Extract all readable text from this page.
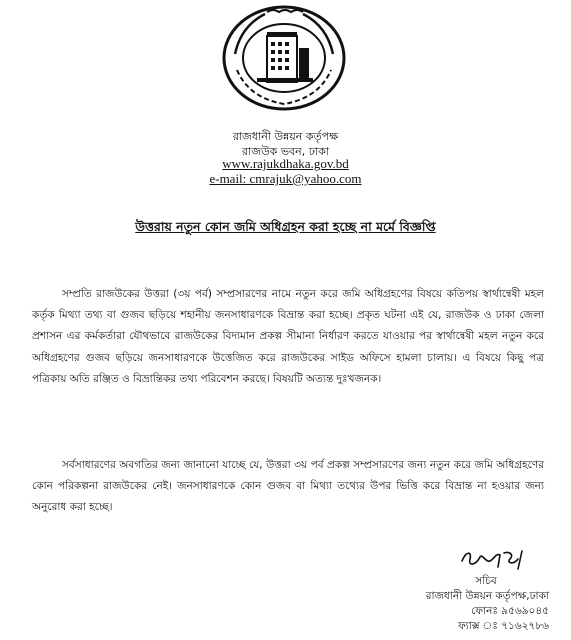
রাজধানী উন্নয়ন কর্তৃপক্ষ
রাজউক ভবন, ঢাকা
www.rajukdhaka.gov.bd
e-mail: cmrajuk@yahoo.com
উত্তরায় নতুন কোন জমি অধিগ্রহন করা হচ্ছে না মর্মে বিজ্ঞপ্তি

সম্প্রতি রাজউকের উত্তরা (৩য় পর্ব) সম্প্রসারণের নামে নতুন করে জমি অধিগ্রহণের বিষয়ে কতিপয় স্বার্থান্বেষী মহল কর্তৃক মিথ্যা তথ্য বা গুজব ছড়িয়ে শহানীয় জনসাধারণকে বিভ্রান্ত করা হচ্ছে। প্রকৃত ঘটনা এই যে, রাজউক ও ঢাকা জেলা প্রশাসন এর কর্মকর্তারা যৌথভাবে রাজউকের বিদ্যমান প্রকল্প সীমানা নির্ধারণ করতে যাওয়ার পর স্বার্থান্বেষী মহল নতুন করে অধিগ্রহণের গুজব ছড়িয়ে জনসাধারণকে উত্তেজিত করে রাজউকের সাইড অফিসে হামলা চালায়। এ বিষয়ে কিছু পত্র পত্রিকায় অতি রঞ্জিত ও বিভ্রান্তিকর তথ্য পরিবেশন করছে। বিষয়টি অত্যন্ত দুঃখজনক।

সর্বসাধারণের অবগতির জন্য জানানো যাচ্ছে যে, উত্তরা ৩য় পর্ব প্রকল্প সম্প্রসারণের জন্য নতুন করে জমি অধিগ্রহণের কোন পরিকল্পনা রাজউকের নেই। জনসাধারণকে কোন গুজব বা মিথ্যা তথ্যের উপর ভিত্তি করে বিভ্রান্ত না হওয়ার জন্য অনুরোধ করা হচ্ছে।

সচিব
রাজধানী উন্নয়ন কর্তৃপক্ষ,ঢাকা
ফোনঃ ৯৫৬৯০৪৫
ফ্যাক্স ঃ ৭১৬২৭৮৬
